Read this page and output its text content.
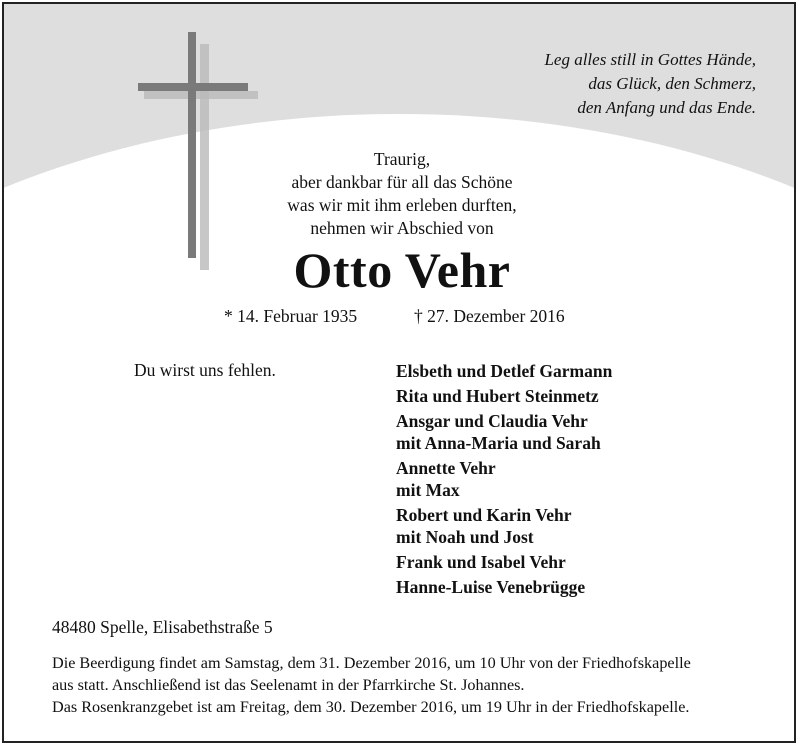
Leg alles still in Gottes Hände,
das Glück, den Schmerz,
den Anfang und das Ende.
Traurig,
aber dankbar für all das Schöne
was wir mit ihm erleben durften,
nehmen wir Abschied von
Otto Vehr
* 14. Februar 1935	† 27. Dezember 2016
Du wirst uns fehlen.	Elsbeth und Detlef Garmann
Rita und Hubert Steinmetz
Ansgar und Claudia Vehr
mit Anna-Maria und Sarah
Annette Vehr
mit Max
Robert und Karin Vehr
mit Noah und Jost
Frank und Isabel Vehr
Hanne-Luise Venebrügge
48480 Spelle, Elisabethstraße 5

Die Beerdigung findet am Samstag, dem 31. Dezember 2016, um 10 Uhr von der Friedhofskapelle

aus statt. Anschließend ist das Seelenamt in der Pfarrkirche St. Johannes.

Das Rosenkranzgebet ist am Freitag, dem 30. Dezember 2016, um 19 Uhr in der Friedhofskapelle.
